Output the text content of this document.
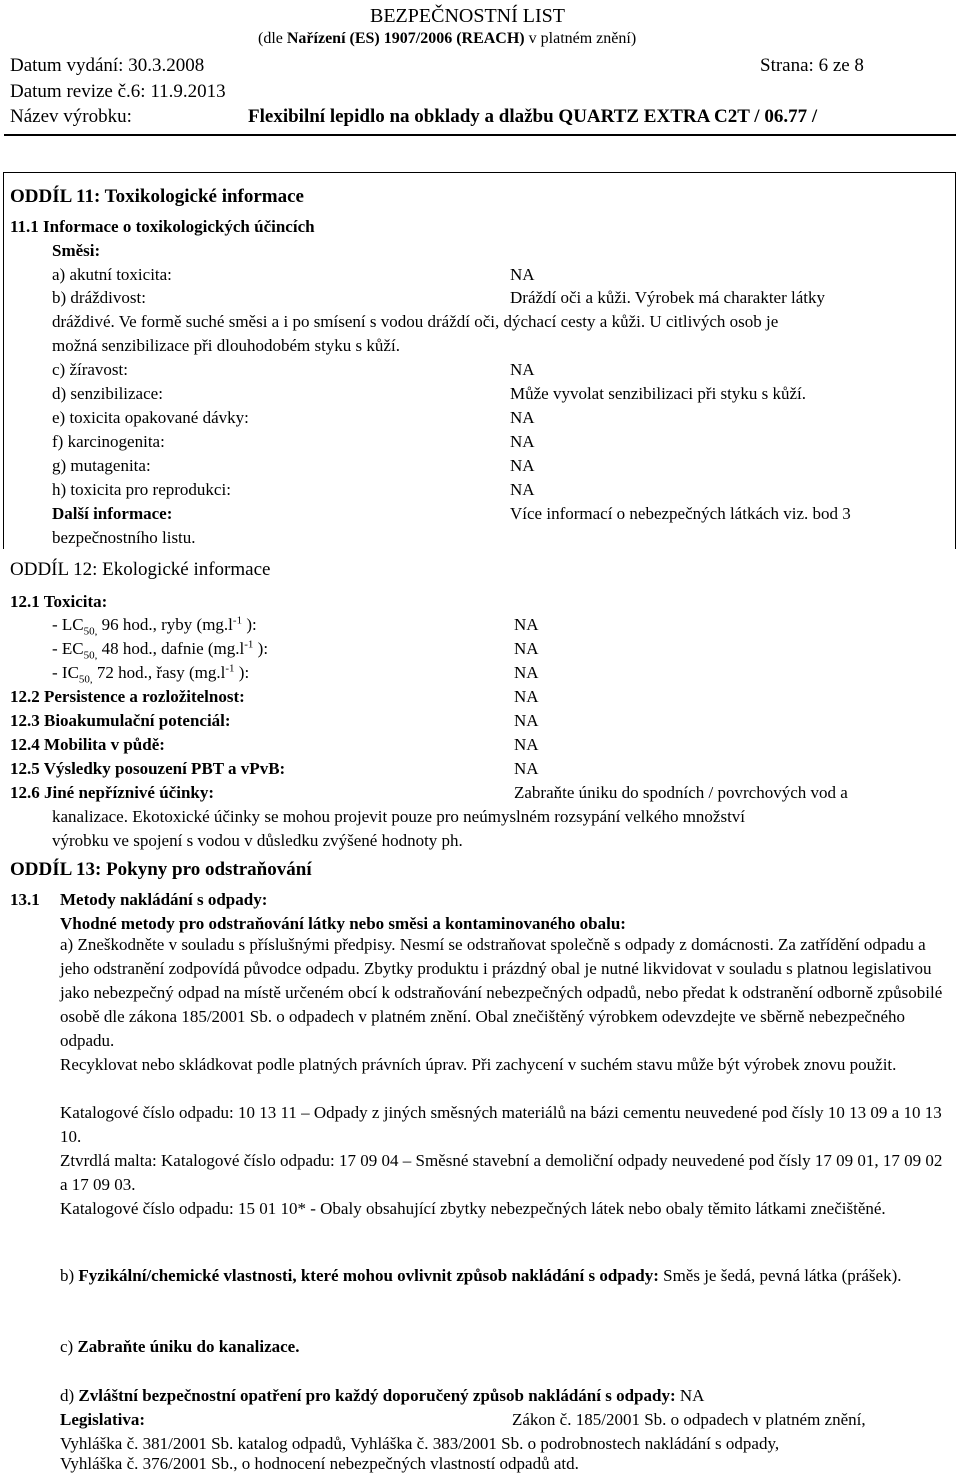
BEZPEČNOSTNÍ LIST
(dle Nařízení (ES) 1907/2006 (REACH) v platném znění)
Datum vydání: 30.3.2008	Strana: 6 ze 8
Datum revize č.6: 11.9.2013
Název výrobku:	Flexibilní lepidlo na obklady a dlažbu QUARTZ EXTRA C2T / 06.77 /
ODDÍL 11: Toxikologické informace
11.1 Informace o toxikologických účincích
Směsi:
a) akutní toxicita:	NA
b) dráždivost:	Dráždí oči a kůži. Výrobek má charakter látky
dráždivé. Ve formě suché směsi a i po smísení s vodou dráždí oči, dýchací cesty a kůži. U citlivých osob je
možná senzibilizace při dlouhodobém styku s kůží.
c) žíravost:	NA
d) senzibilizace:	Může vyvolat senzibilizaci při styku s kůží.
e) toxicita opakované dávky:	NA
f) karcinogenita:	NA
g) mutagenita:	NA
h) toxicita pro reprodukci:	NA
Další informace:	Více informací o nebezpečných látkách viz. bod 3
bezpečnostního listu.
ODDÍL 12: Ekologické informace
12.1 Toxicita:
- $LC_{50,}$ 96 hod., ryby ($mg.l^{-1}$ ):	NA
- $EC_{50,}$ 48 hod., dafnie ($mg.l^{-1}$ ):	NA
- $IC_{50,}$ 72 hod., řasy ($mg.l^{-1}$ ):	NA
12.2 Persistence a rozložitelnost:	NA
12.3 Bioakumulační potenciál:	NA
12.4 Mobilita v půdě:	NA
12.5 Výsledky posouzení PBT a vPvB:	NA
12.6 Jiné nepříznivé účinky:	Zabraňte úniku do spodních / povrchových vod a
kanalizace. Ekotoxické účinky se mohou projevit pouze pro neúmyslném rozsypání velkého množství
výrobku ve spojení s vodou v důsledku zvýšené hodnoty ph.
ODDÍL 13: Pokyny pro odstraňování
13.1 Metody nakládání s odpady:
Vhodné metody pro odstraňování látky nebo směsi a kontaminovaného obalu:
a) Zneškodněte v souladu s příslušnými předpisy. Nesmí se odstraňovat společně s odpady z domácnosti. Za zatřídění odpadu a jeho odstranění zodpovídá původce odpadu. Zbytky produktu i prázdný obal je nutné likvidovat v souladu s platnou legislativou jako nebezpečný odpad na místě určeném obcí k odstraňování nebezpečných odpadů, nebo předat k odstranění odborně způsobilé osobě dle zákona 185/2001 Sb. o odpadech v platném znění. Obal znečištěný výrobkem odevzdejte ve sběrně nebezpečného odpadu.
Recyklovat nebo skládkovat podle platných právních úprav. Při zachycení v suchém stavu může být výrobek znovu použit.
Katalogové číslo odpadu: 10 13 11 – Odpady z jiných směsných materiálů na bázi cementu neuvedené pod čísly 10 13 09 a 10 13 10.
Ztvrdlá malta: Katalogové číslo odpadu: 17 09 04 – Směsné stavební a demoliční odpady neuvedené pod čísly 17 09 01, 17 09 02 a 17 09 03.
Katalogové číslo odpadu: 15 01 10* - Obaly obsahující zbytky nebezpečných látek nebo obaly těmito látkami znečištěné.
b) Fyzikální/chemické vlastnosti, které mohou ovlivnit způsob nakládání s odpady: Směs je šedá, pevná látka (prášek).
c) Zabraňte úniku do kanalizace.
d) Zvláštní bezpečnostní opatření pro každý doporučený způsob nakládání s odpady: NA
Legislativa:	Zákon č. 185/2001 Sb. o odpadech v platném znění,
Vyhláška č. 381/2001 Sb. katalog odpadů, Vyhláška č. 383/2001 Sb. o podrobnostech nakládání s odpady,
Vyhláška č. 376/2001 Sb., o hodnocení nebezpečných vlastností odpadů atd.
